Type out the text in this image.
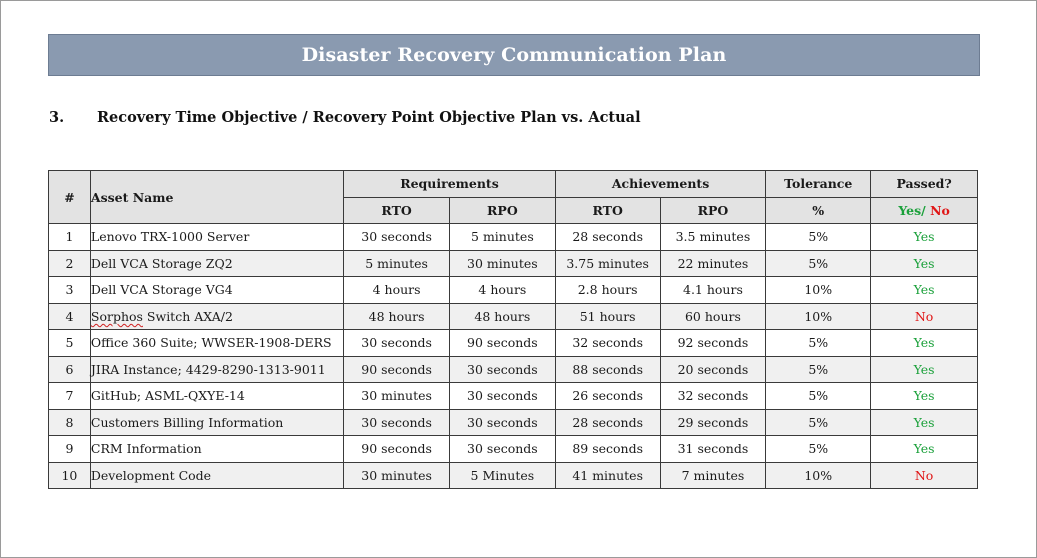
Disaster Recovery Communication Plan
3. Recovery Time Objective / Recovery Point Objective Plan vs. Actual
#	Asset Name	Requirements		Achievements		Tolerance	Passed?
		RTO	RPO	RTO	RPO	%	Yes/ No
1	Lenovo TRX-1000 Server	30 seconds	5 minutes	28 seconds	3.5 minutes	5%	Yes
2	Dell VCA Storage ZQ2	5 minutes	30 minutes	3.75 minutes	22 minutes	5%	Yes
3	Dell VCA Storage VG4	4 hours	4 hours	2.8 hours	4.1 hours	10%	Yes
4	Sorphos Switch AXA/2	48 hours	48 hours	51 hours	60 hours	10%	No
5	Office 360 Suite; WWSER-1908-DERS	30 seconds	90 seconds	32 seconds	92 seconds	5%	Yes
6	JIRA Instance; 4429-8290-1313-9011	90 seconds	30 seconds	88 seconds	20 seconds	5%	Yes
7	GitHub; ASML-QXYE-14	30 minutes	30 seconds	26 seconds	32 seconds	5%	Yes
8	Customers Billing Information	30 seconds	30 seconds	28 seconds	29 seconds	5%	Yes
9	CRM Information	90 seconds	30 seconds	89 seconds	31 seconds	5%	Yes
10	Development Code	30 minutes	5 Minutes	41 minutes	7 minutes	10%	No
